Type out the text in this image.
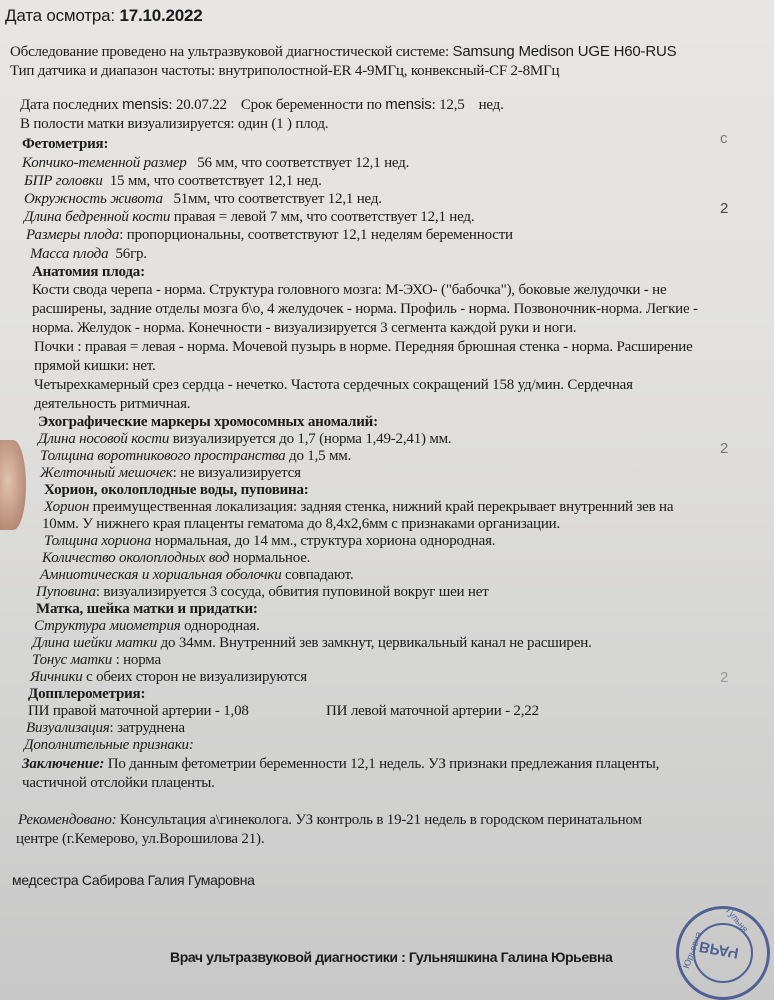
Дата осмотра: 17.10.2022
Обследование проведено на ультразвуковой диагностической системе: Samsung Medison UGE H60-RUS
Тип датчика и диапазон частоты: внутриполостной-ER 4-9МГц, конвексный-CF 2-8МГц
Дата последних mensis: 20.07.22 Срок беременности по mensis: 12,5 нед.
В полости матки визуализируется: один (1 ) плод.
Фетометрия:
Копчико-теменной размер 56 мм, что соответствует 12,1 нед.
БПР головки 15 мм, что соответствует 12,1 нед.
Окружность живота 51мм, что соответствует 12,1 нед.
Длина бедренной кости правая = левой 7 мм, что соответствует 12,1 нед.
Размеры плода: пропорциональны, соответствуют 12,1 неделям беременности
Масса плода 56гр.
Анатомия плода:
Кости свода черепа - норма. Структура головного мозга: М-ЭХО- ("бабочка"), боковые желудочки - не
расширены, задние отделы мозга б\о, 4 желудочек - норма. Профиль - норма. Позвоночник-норма. Легкие -
норма. Желудок - норма. Конечности - визуализируется 3 сегмента каждой руки и ноги.
Почки : правая = левая - норма. Мочевой пузырь в норме. Передняя брюшная стенка - норма. Расширение
прямой кишки: нет.
Четырехкамерный срез сердца - нечетко. Частота сердечных сокращений 158 уд/мин. Сердечная
деятельность ритмичная.
Эхографические маркеры хромосомных аномалий:
Длина носовой кости визуализируется до 1,7 (норма 1,49-2,41) мм.
Толщина воротникового пространства до 1,5 мм.
Желточный мешочек: не визуализируется
Хорион, околоплодные воды, пуповина:
Хорион преимущественная локализация: задняя стенка, нижний край перекрывает внутренний зев на
10мм. У нижнего края плаценты гематома до 8,4х2,6мм с признаками организации.
Толщина хориона нормальная, до 14 мм., структура хориона однородная.
Количество околоплодных вод нормальное.
Амниотическая и хориальная оболочки совпадают.
Пуповина: визуализируется 3 сосуда, обвития пуповиной вокруг шеи нет
Матка, шейка матки и придатки:
Структура миометрия однородная.
Длина шейки матки до 34мм. Внутренний зев замкнут, цервикальный канал не расширен.
Тонус матки : норма
Яичники с обеих сторон не визуализируются
Допплерометрия:
ПИ правой маточной артерии - 1,08	ПИ левой маточной артерии - 2,22
Визуализация: затруднена
Дополнительные признаки:
Заключение: По данным фетометрии беременности 12,1 недель. УЗ признаки предлежания плаценты,
частичной отслойки плаценты.
Рекомендовано: Консультация а\гинеколога. УЗ контроль в 19-21 недель в городском перинатальном
центре (г.Кемерово, ул.Ворошилова 21).
медсестра Сабирова Галия Гумаровна
Врач ультразвуковой диагностики : Гульняшкина Галина Юрьевна	ВРАЧ
Гульня
Юрьевна
с
2
2
2
